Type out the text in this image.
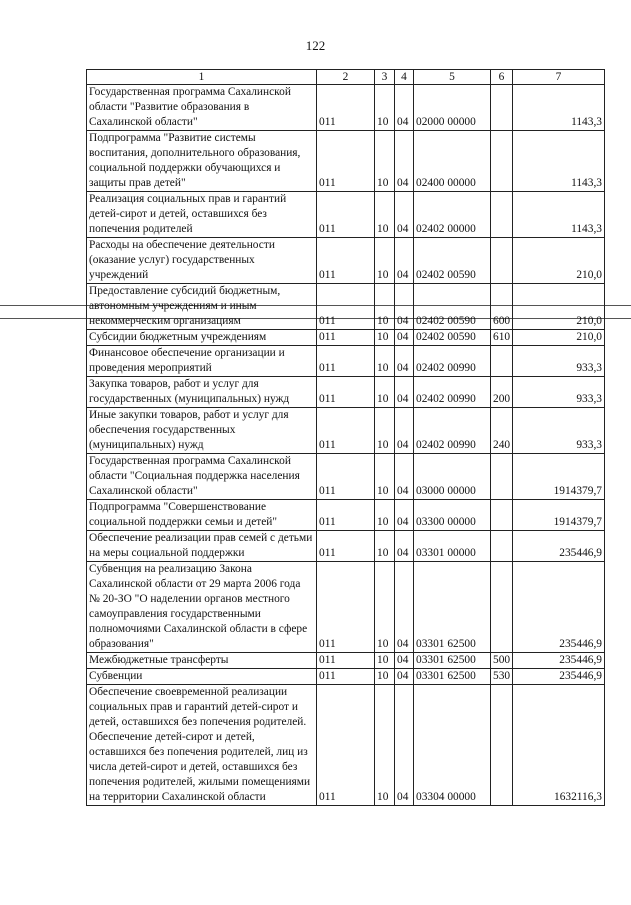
122
1	2	3	4	5	6	7
Государственная программа Сахалинской области "Развитие образования в Сахалинской области"	011	10	04	02000 00000		1143,3
Подпрограмма "Развитие системы воспитания, дополнительного образования, социальной поддержки обучающихся и защиты прав детей"	011	10	04	02400 00000		1143,3
Реализация социальных прав и гарантий детей-сирот и детей, оставшихся без попечения родителей	011	10	04	02402 00000		1143,3
Расходы на обеспечение деятельности (оказание услуг) государственных учреждений	011	10	04	02402 00590		210,0
Предоставление субсидий бюджетным, автономным учреждениям и иным некоммерческим организациям	011	10	04	02402 00590	600	210,0
Субсидии бюджетным учреждениям	011	10	04	02402 00590	610	210,0
Финансовое обеспечение организации и проведения мероприятий	011	10	04	02402 00990		933,3
Закупка товаров, работ и услуг для государственных (муниципальных) нужд	011	10	04	02402 00990	200	933,3
Иные закупки товаров, работ и услуг для обеспечения государственных (муниципальных) нужд	011	10	04	02402 00990	240	933,3
Государственная программа Сахалинской области "Социальная поддержка населения Сахалинской области"	011	10	04	03000 00000		1914379,7
Подпрограмма "Совершенствование социальной поддержки семьи и детей"	011	10	04	03300 00000		1914379,7
Обеспечение реализации прав семей с детьми на меры социальной поддержки	011	10	04	03301 00000		235446,9
Субвенция на реализацию Закона Сахалинской области от 29 марта 2006 года № 20-ЗО "О наделении органов местного самоуправления государственными полномочиями Сахалинской области в сфере образования"	011	10	04	03301 62500		235446,9
Межбюджетные трансферты	011	10	04	03301 62500	500	235446,9
Субвенции	011	10	04	03301 62500	530	235446,9
Обеспечение своевременной реализации социальных прав и гарантий детей-сирот и детей, оставшихся без попечения родителей. Обеспечение детей-сирот и детей, оставшихся без попечения родителей, лиц из числа детей-сирот и детей, оставшихся без попечения родителей, жилыми помещениями на территории Сахалинской области	011	10	04	03304 00000		1632116,3
